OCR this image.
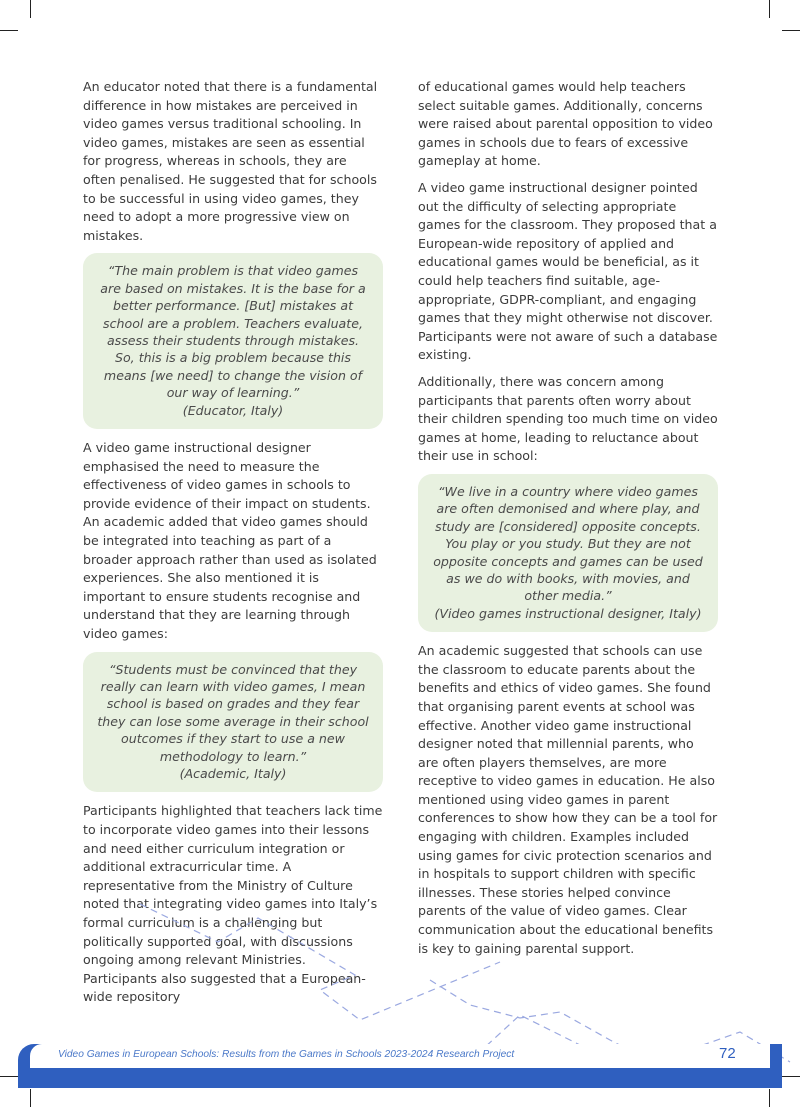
An educator noted that there is a fundamental difference in how mistakes are perceived in video games versus traditional schooling. In video games, mistakes are seen as essential for progress, whereas in schools, they are often penalised. He suggested that for schools to be successful in using video games, they need to adopt a more progressive view on mistakes.

“The main problem is that video games are based on mistakes. It is the base for a better performance. [But] mistakes at school are a problem. Teachers evaluate, assess their students through mistakes. So, this is a big problem because this means [we need] to change the vision of our way of learning.”

(Educator, Italy)

A video game instructional designer emphasised the need to measure the effectiveness of video games in schools to provide evidence of their impact on students. An academic added that video games should be integrated into teaching as part of a broader approach rather than used as isolated experiences. She also mentioned it is important to ensure students recognise and understand that they are learning through video games:

“Students must be convinced that they really can learn with video games, I mean school is based on grades and they fear they can lose some average in their school outcomes if they start to use a new methodology to learn.”

(Academic, Italy)

Participants highlighted that teachers lack time to incorporate video games into their lessons and need either curriculum integration or additional extracurricular time. A representative from the Ministry of Culture noted that integrating video games into Italy’s formal curriculum is a challenging but politically supported goal, with discussions ongoing among relevant Ministries. Participants also suggested that a European-wide repository

of educational games would help teachers select suitable games. Additionally, concerns were raised about parental opposition to video games in schools due to fears of excessive gameplay at home.

A video game instructional designer pointed out the difficulty of selecting appropriate games for the classroom. They proposed that a European-wide repository of applied and educational games would be beneficial, as it could help teachers find suitable, age-appropriate, GDPR-compliant, and engaging games that they might otherwise not discover. Participants were not aware of such a database existing.

Additionally, there was concern among participants that parents often worry about their children spending too much time on video games at home, leading to reluctance about their use in school:

“We live in a country where video games are often demonised and where play, and study are [considered] opposite concepts. You play or you study. But they are not opposite concepts and games can be used as we do with books, with movies, and other media.”

(Video games instructional designer, Italy)

An academic suggested that schools can use the classroom to educate parents about the benefits and ethics of video games. She found that organising parent events at school was effective. Another video game instructional designer noted that millennial parents, who are often players themselves, are more receptive to video games in education. He also mentioned using video games in parent conferences to show how they can be a tool for engaging with children. Examples included using games for civic protection scenarios and in hospitals to support children with specific illnesses. These stories helped convince parents of the value of video games. Clear communication about the educational benefits is key to gaining parental support.

Video Games in European Schools: Results from the Games in Schools 2023-2024 Research Project	72
